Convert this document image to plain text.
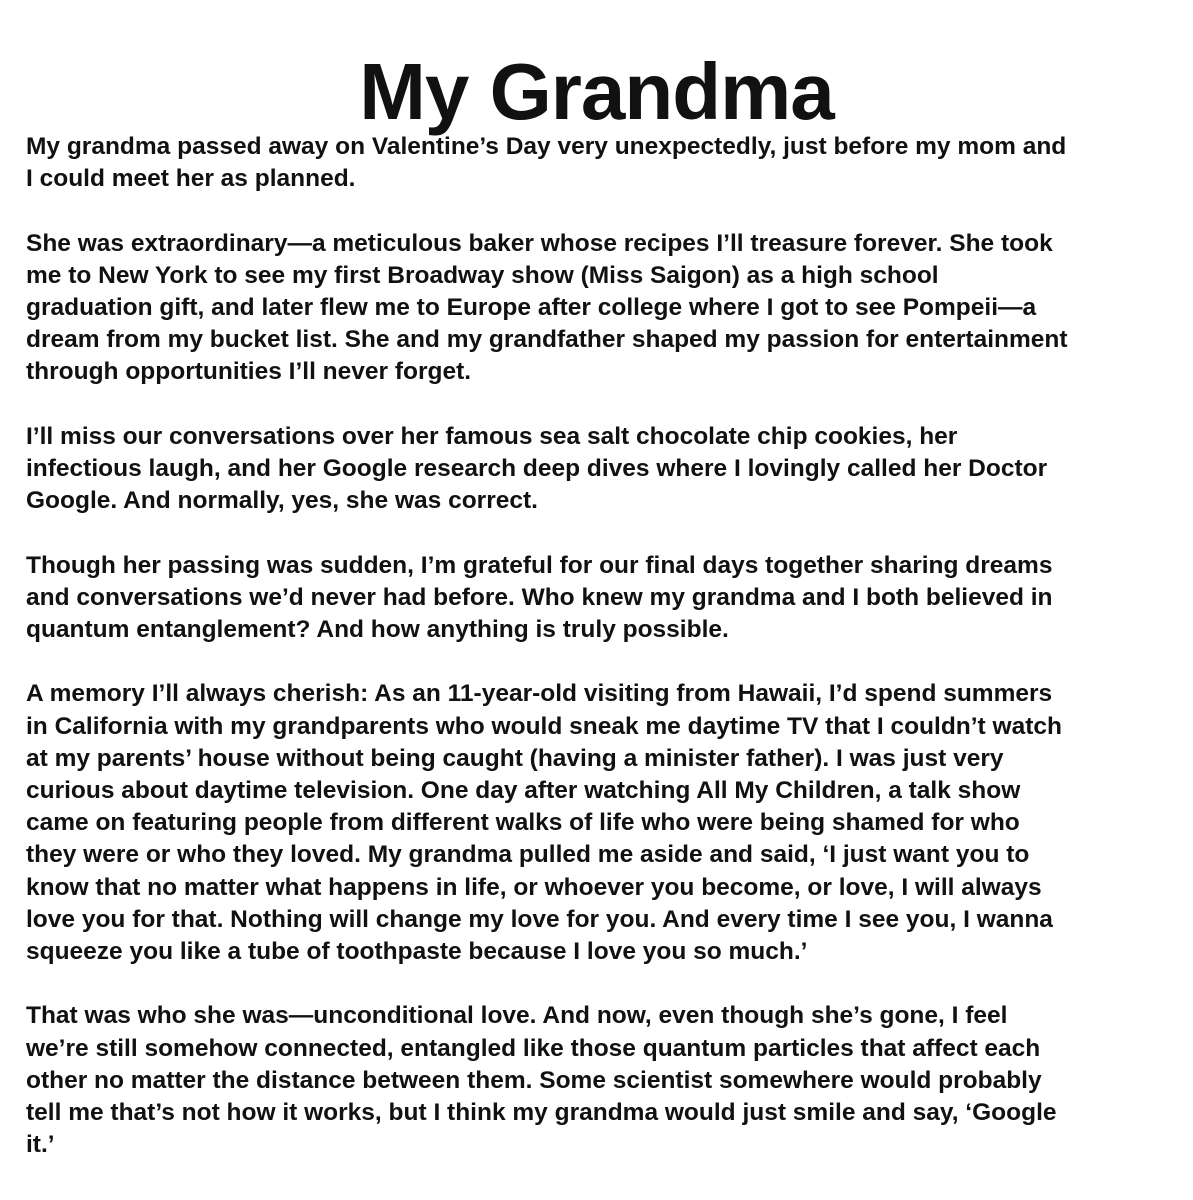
My Grandma

My grandma passed away on Valentine’s Day very unexpectedly, just before my mom and
I could meet her as planned.

She was extraordinary—a meticulous baker whose recipes I’ll treasure forever. She took
me to New York to see my first Broadway show (Miss Saigon) as a high school
graduation gift, and later flew me to Europe after college where I got to see Pompeii—a
dream from my bucket list. She and my grandfather shaped my passion for entertainment
through opportunities I’ll never forget.

I’ll miss our conversations over her famous sea salt chocolate chip cookies, her
infectious laugh, and her Google research deep dives where I lovingly called her Doctor
Google. And normally, yes, she was correct.

Though her passing was sudden, I’m grateful for our final days together sharing dreams
and conversations we’d never had before. Who knew my grandma and I both believed in
quantum entanglement? And how anything is truly possible.

A memory I’ll always cherish: As an 11-year-old visiting from Hawaii, I’d spend summers
in California with my grandparents who would sneak me daytime TV that I couldn’t watch
at my parents’ house without being caught (having a minister father). I was just very
curious about daytime television. One day after watching All My Children, a talk show
came on featuring people from different walks of life who were being shamed for who
they were or who they loved. My grandma pulled me aside and said, ‘I just want you to
know that no matter what happens in life, or whoever you become, or love, I will always
love you for that. Nothing will change my love for you. And every time I see you, I wanna
squeeze you like a tube of toothpaste because I love you so much.’

That was who she was—unconditional love. And now, even though she’s gone, I feel
we’re still somehow connected, entangled like those quantum particles that affect each
other no matter the distance between them. Some scientist somewhere would probably
tell me that’s not how it works, but I think my grandma would just smile and say, ‘Google
it.’
